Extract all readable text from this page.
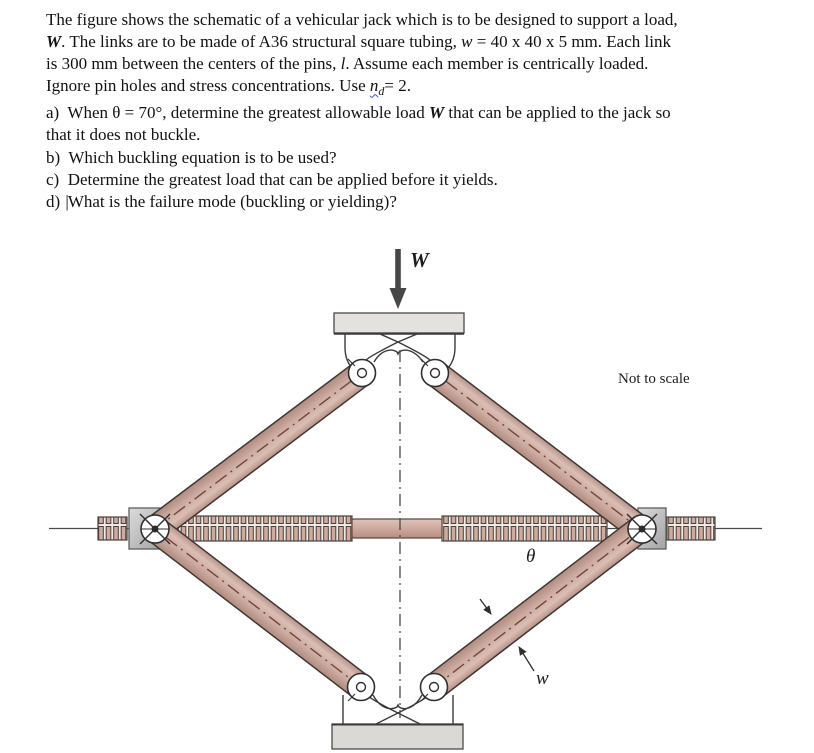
The figure shows the schematic of a vehicular jack which is to be designed to support a load,
W. The links are to be made of A36 structural square tubing, w = 40 x 40 x 5 mm. Each link
is 300 mm between the centers of the pins, l. Assume each member is centrically loaded.
Ignore pin holes and stress concentrations. Use $n_d= 2$.
a)  When θ = 70°, determine the greatest allowable load W that can be applied to the jack so
that it does not buckle.
b)  Which buckling equation is to be used?
c)  Determine the greatest load that can be applied before it yields.
d) |What is the failure mode (buckling or yielding)?
W
Not to scale
θ
w
